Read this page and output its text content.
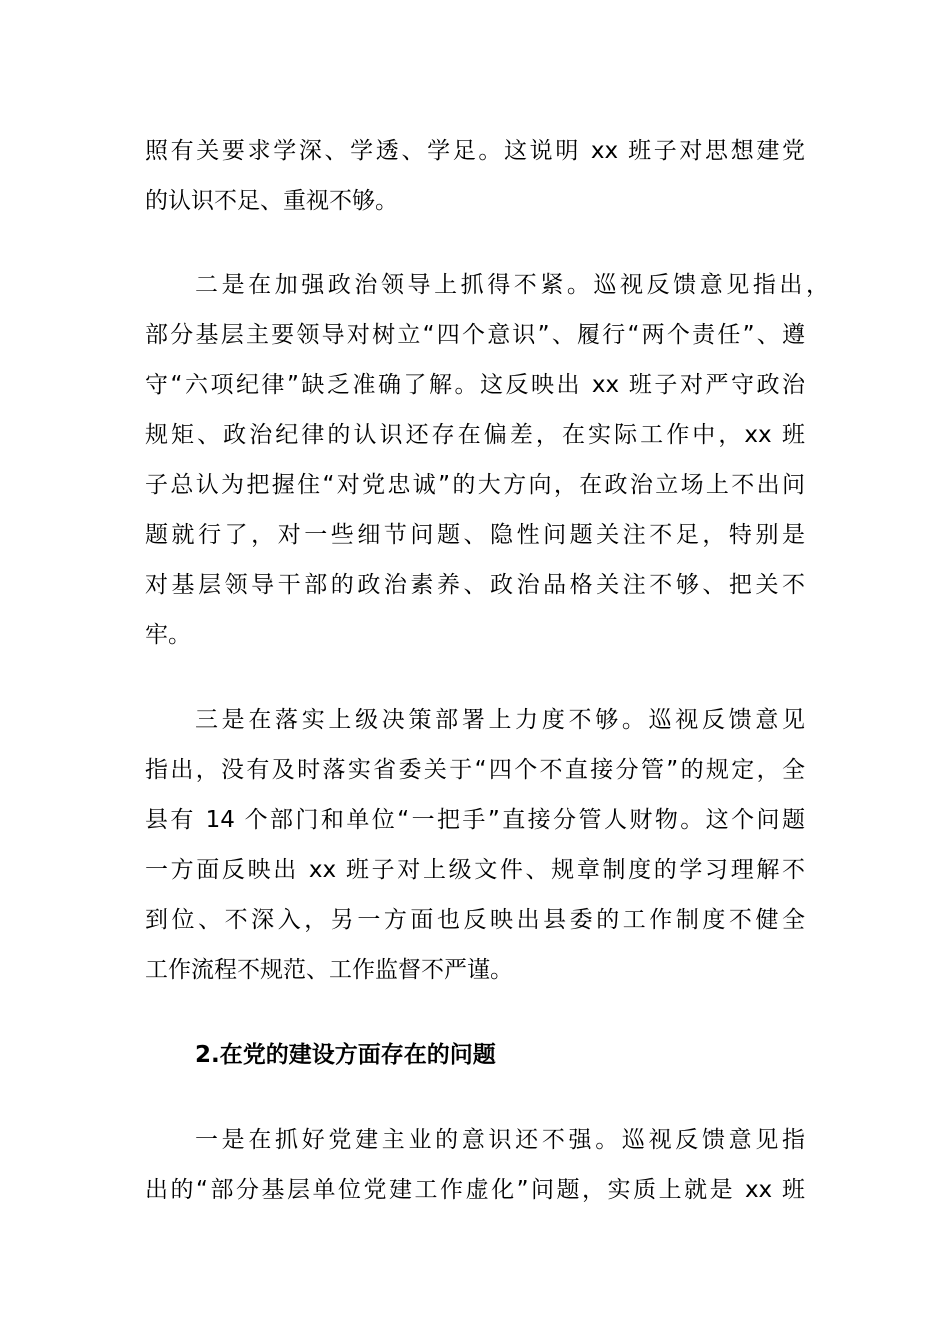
照有关要求学深、学透、学足。这说明 xx 班子对思想建党
的认识不足、重视不够。
二是在加强政治领导上抓得不紧。巡视反馈意见指出，
部分基层主要领导对树立“四个意识”、履行“两个责任”、遵
守“六项纪律”缺乏准确了解。这反映出 xx 班子对严守政治
规矩、政治纪律的认识还存在偏差，在实际工作中，xx 班
子总认为把握住“对党忠诚”的大方向，在政治立场上不出问
题就行了，对一些细节问题、隐性问题关注不足，特别是
对基层领导干部的政治素养、政治品格关注不够、把关不
牢。
三是在落实上级决策部署上力度不够。巡视反馈意见
指出，没有及时落实省委关于“四个不直接分管”的规定，全
县有 14 个部门和单位“一把手”直接分管人财物。这个问题
一方面反映出 xx 班子对上级文件、规章制度的学习理解不
到位、不深入，另一方面也反映出县委的工作制度不健全
工作流程不规范、工作监督不严谨。
2.在党的建设方面存在的问题
一是在抓好党建主业的意识还不强。巡视反馈意见指
出的“部分基层单位党建工作虚化”问题，实质上就是 xx 班
